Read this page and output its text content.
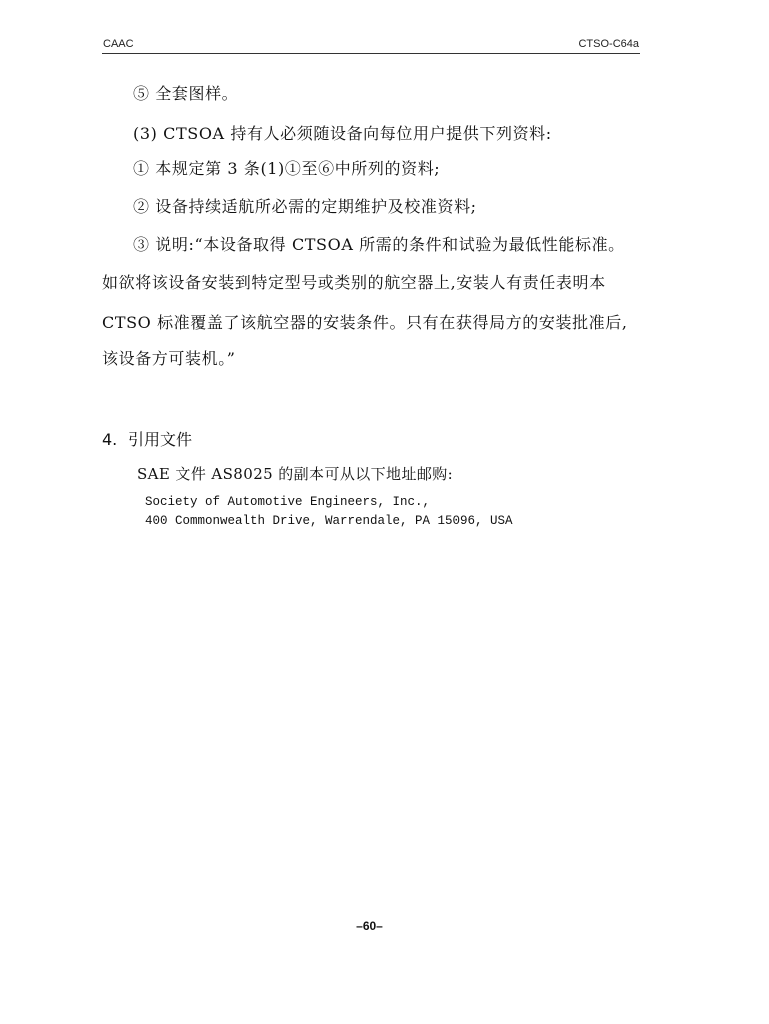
CAAC	CTSO-C64a
⑤ 全套图样。
(3) CTSOA 持有人必须随设备向每位用户提供下列资料:
① 本规定第 3 条(1)①至⑥中所列的资料;
② 设备持续适航所必需的定期维护及校准资料;
③ 说明:“本设备取得 CTSOA 所需的条件和试验为最低性能标准。
如欲将该设备安装到特定型号或类别的航空器上,安装人有责任表明本
CTSO 标准覆盖了该航空器的安装条件。只有在获得局方的安装批准后,
该设备方可装机。”
4. 引用文件
SAE 文件 AS8025 的副本可从以下地址邮购:
Society of Automotive Engineers, Inc.,
400 Commonwealth Drive, Warrendale, PA 15096, USA
–60–
